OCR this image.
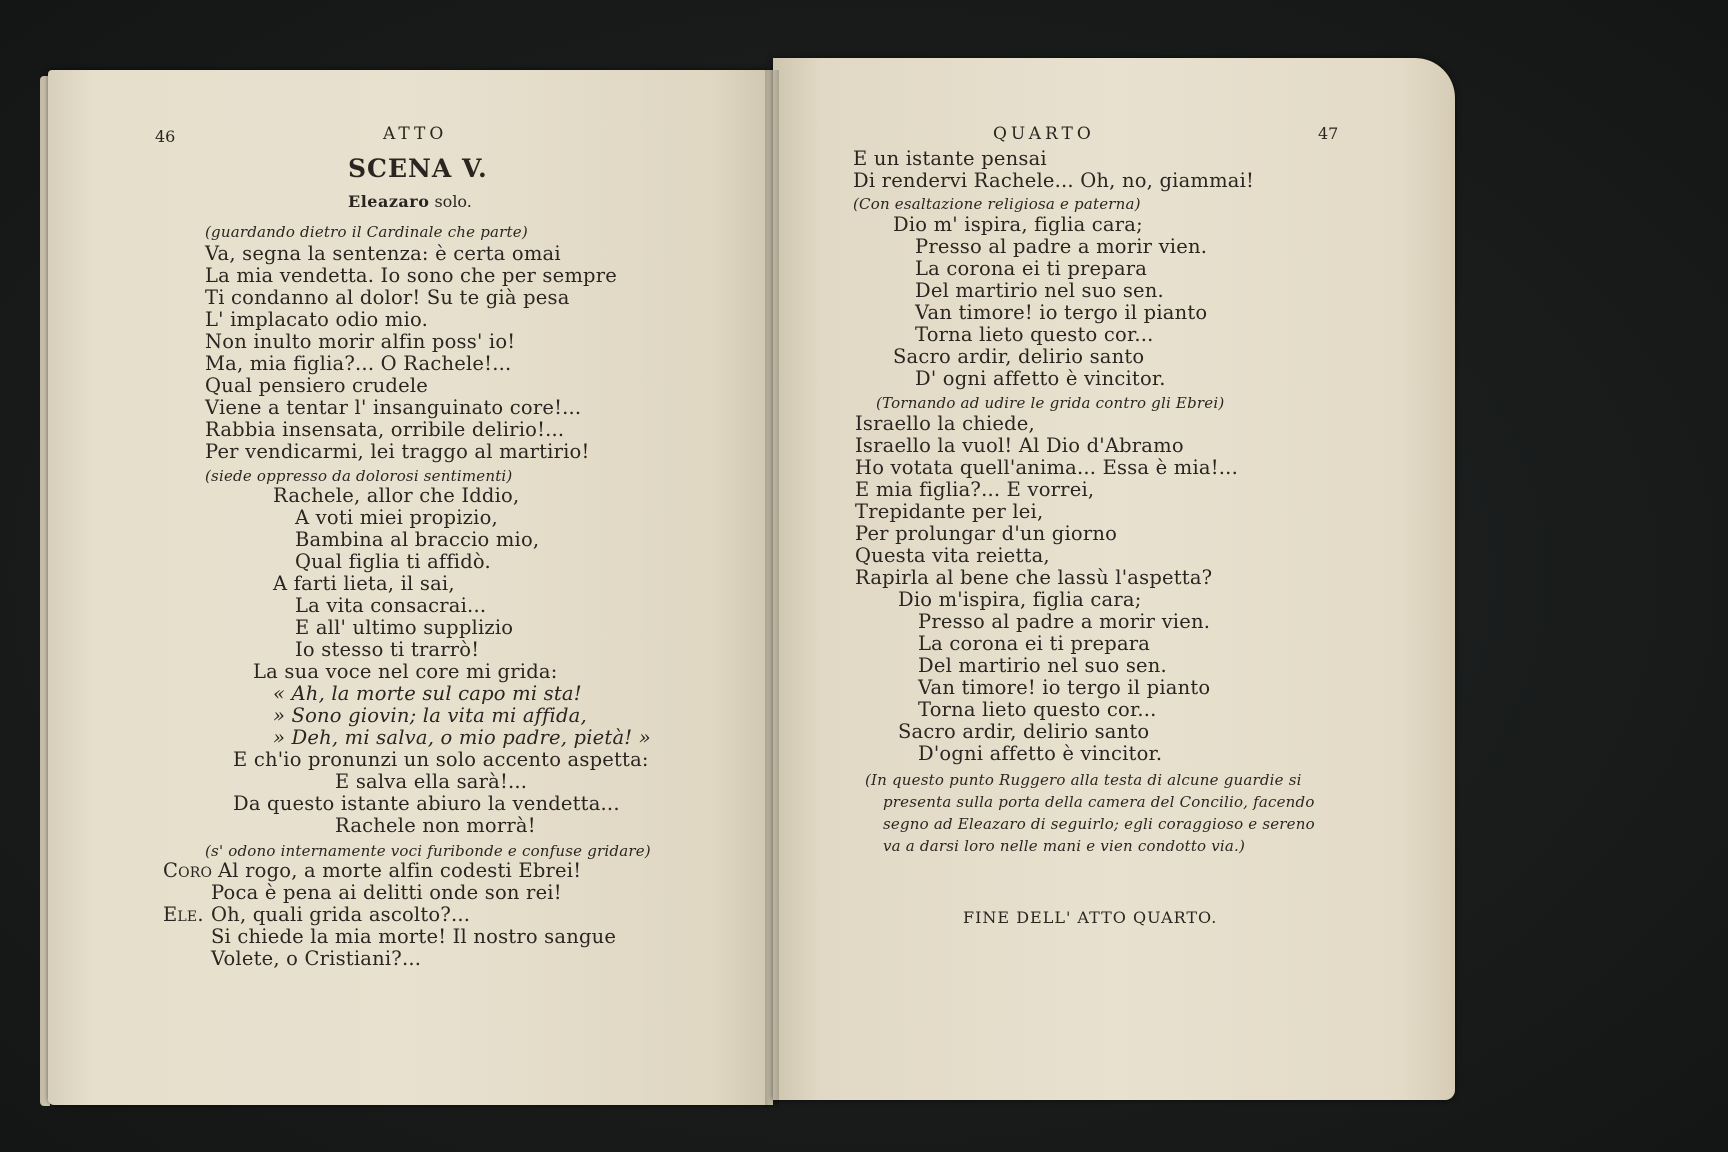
46	ATTO
SCENA V.
Eleazaro solo.
(guardando dietro il Cardinale che parte)
Va, segna la sentenza: è certa omai
La mia vendetta. Io sono che per sempre
Ti condanno al dolor! Su te già pesa
L' implacato odio mio.
Non inulto morir alfin poss' io!
Ma, mia figlia?... O Rachele!...
Qual pensiero crudele
Viene a tentar l' insanguinato core!...
Rabbia insensata, orribile delirio!...
Per vendicarmi, lei traggo al martirio!
(siede oppresso da dolorosi sentimenti)
Rachele, allor che Iddio,
A voti miei propizio,
Bambina al braccio mio,
Qual figlia ti affidò.
A farti lieta, il sai,
La vita consacrai...
E all' ultimo supplizio
Io stesso ti trarrò!
La sua voce nel core mi grida:
« Ah, la morte sul capo mi sta!
» Sono giovin; la vita mi affida,
» Deh, mi salva, o mio padre, pietà! »
E ch'io pronunzi un solo accento aspetta:
E salva ella sarà!...
Da questo istante abiuro la vendetta...
Rachele non morrà!
(s' odono internamente voci furibonde e confuse gridare)
Coro Al rogo, a morte alfin codesti Ebrei!
Poca è pena ai delitti onde son rei!
Ele. Oh, quali grida ascolto?...
Si chiede la mia morte! Il nostro sangue
Volete, o Cristiani?...
QUARTO	47
E un istante pensai
Di rendervi Rachele... Oh, no, giammai!
(Con esaltazione religiosa e paterna)
Dio m' ispira, figlia cara;
Presso al padre a morir vien.
La corona ei ti prepara
Del martirio nel suo sen.
Van timore! io tergo il pianto
Torna lieto questo cor...
Sacro ardir, delirio santo
D' ogni affetto è vincitor.
(Tornando ad udire le grida contro gli Ebrei)
Israello la chiede,
Israello la vuol! Al Dio d'Abramo
Ho votata quell'anima... Essa è mia!...
E mia figlia?... E vorrei,
Trepidante per lei,
Per prolungar d'un giorno
Questa vita reietta,
Rapirla al bene che lassù l'aspetta?
Dio m'ispira, figlia cara;
Presso al padre a morir vien.
La corona ei ti prepara
Del martirio nel suo sen.
Van timore! io tergo il pianto
Torna lieto questo cor...
Sacro ardir, delirio santo
D'ogni affetto è vincitor.
(In questo punto Ruggero alla testa di alcune guardie si
presenta sulla porta della camera del Concilio, facendo
segno ad Eleazaro di seguirlo; egli coraggioso e sereno
va a darsi loro nelle mani e vien condotto via.)
FINE DELL' ATTO QUARTO.
